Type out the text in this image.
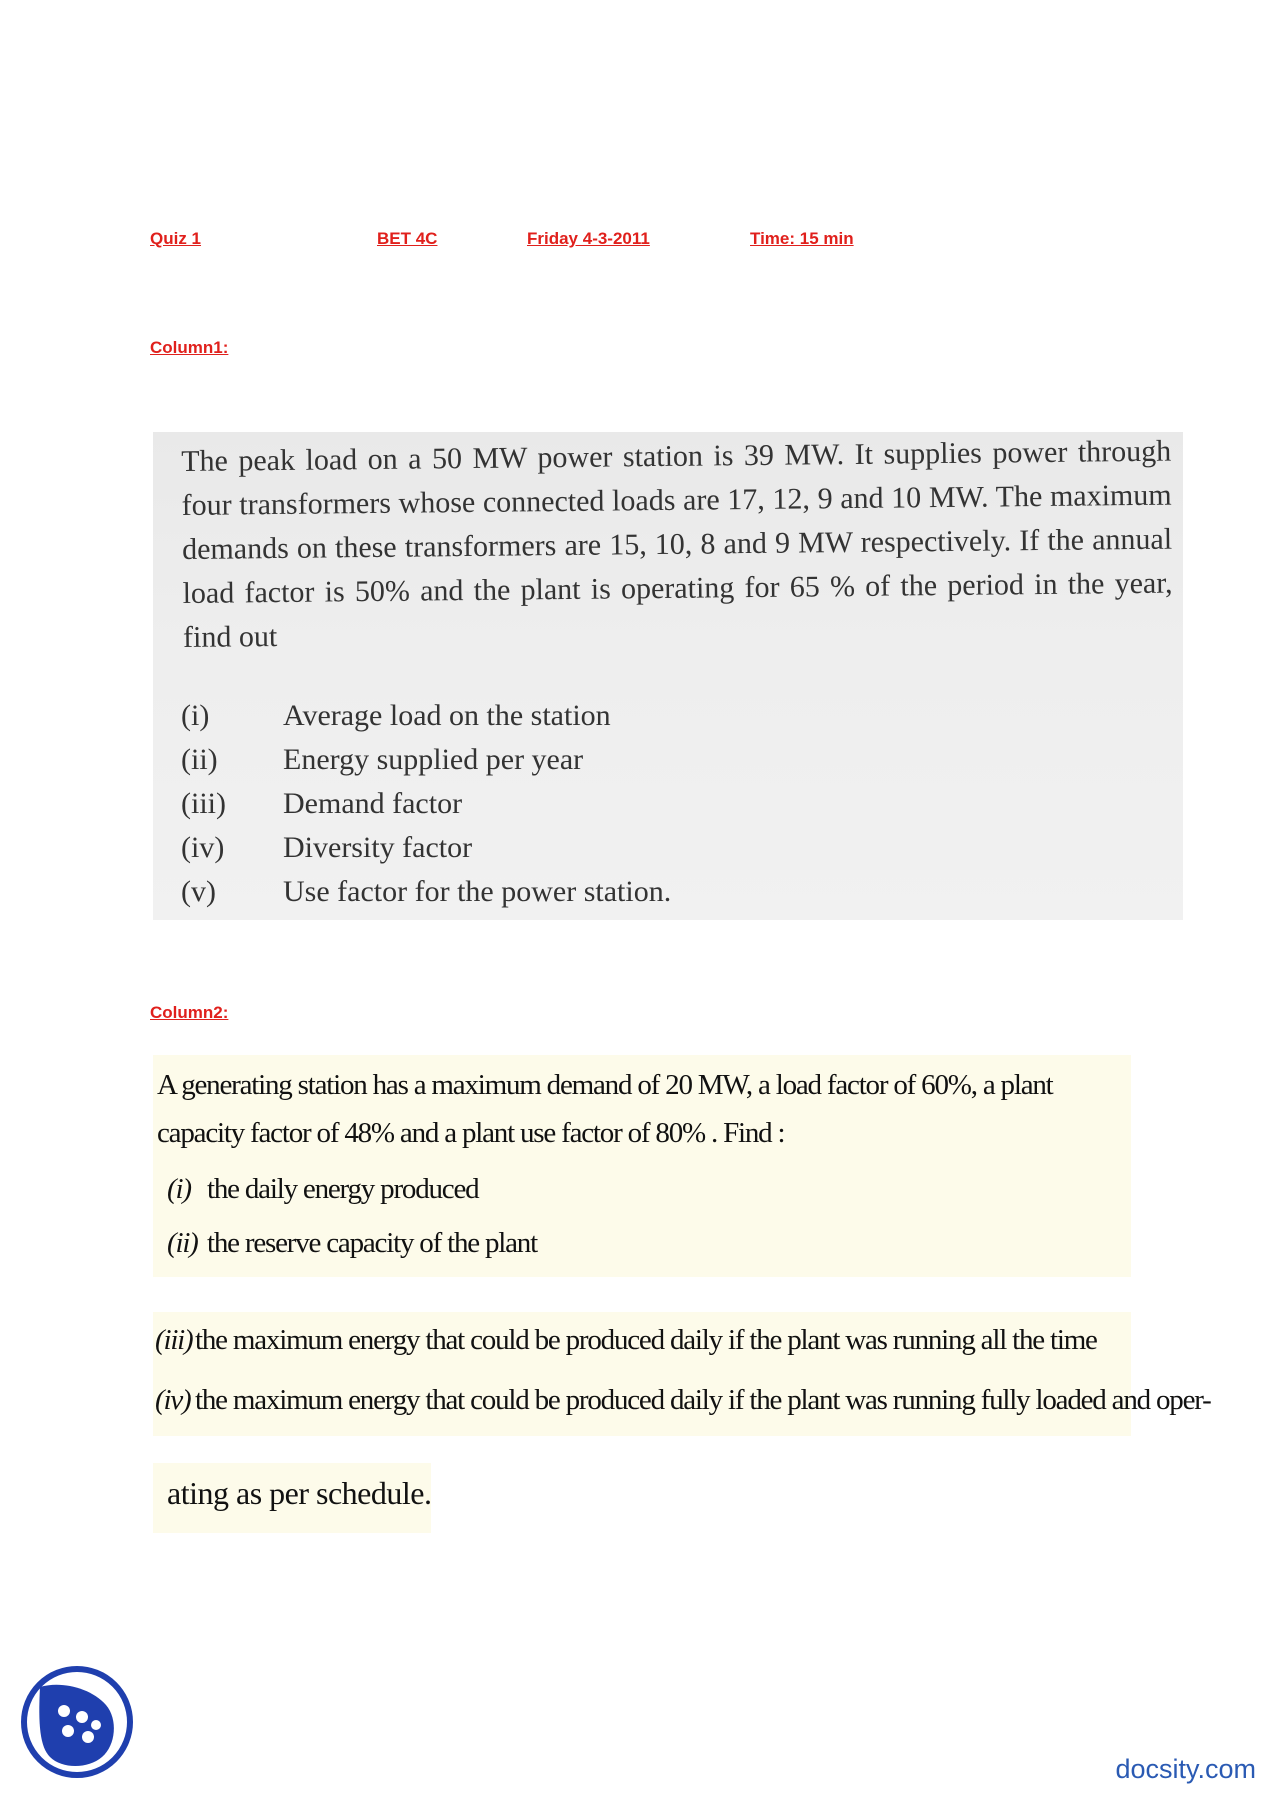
Quiz 1	BET 4C	Friday 4-3-2011	Time: 15 min
Column1:
The peak load on a 50 MW power station is 39 MW. It supplies power through four transformers whose connected loads are 17, 12, 9 and 10 MW. The maximum demands on these transformers are 15, 10, 8 and 9 MW respectively. If the annual load factor is 50% and the plant is operating for 65 % of the period in the year, find out
(i) Average load on the station
(ii) Energy supplied per year
(iii) Demand factor
(iv) Diversity factor
(v) Use factor for the power station.
Column2:
A generating station has a maximum demand of 20 MW, a load factor of 60%, a plant capacity factor of 48% and a plant use factor of 80% . Find :
(i) the daily energy produced
(ii) the reserve capacity of the plant
(iii)the maximum energy that could be produced daily if the plant was running all the time
(iv) the maximum energy that could be produced daily if the plant was running fully loaded and oper-
ating as per schedule.
docsity.com
